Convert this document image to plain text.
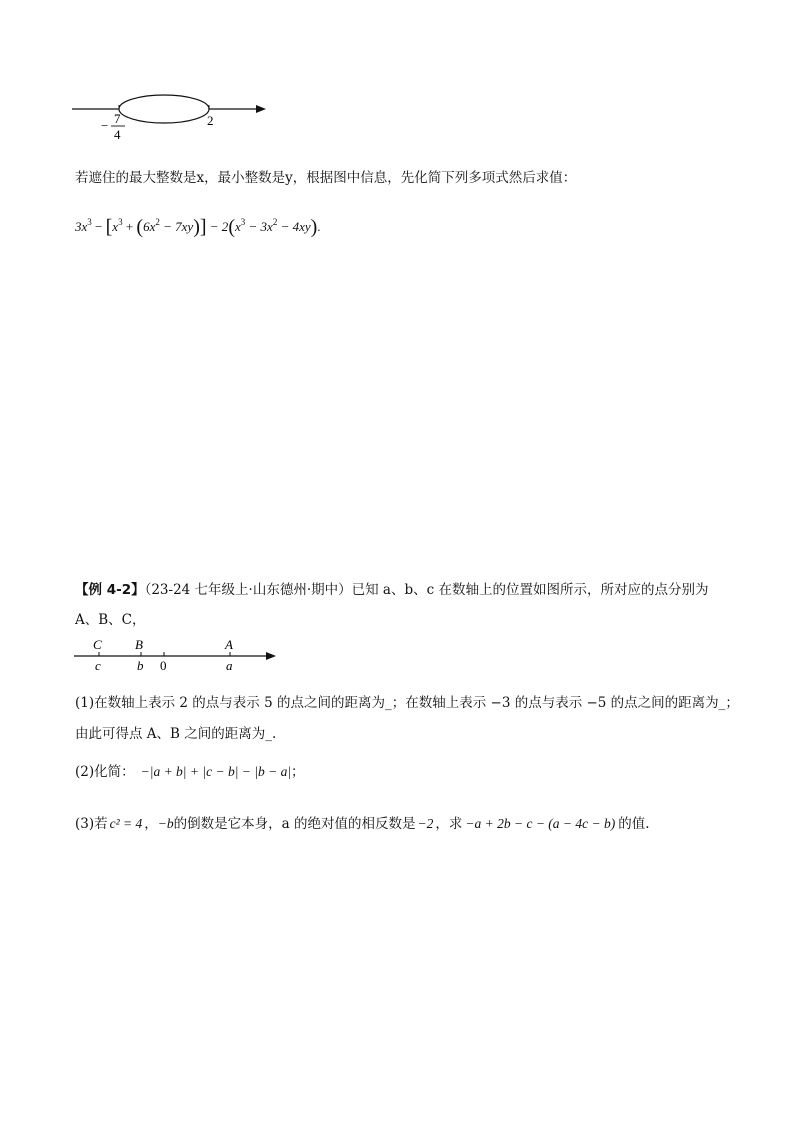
− 7
4
2
若遮住的最大整数是x，最小整数是y，根据图中信息，先化简下列多项式然后求值：
$3x^3 - [x^3 + (6x^2 - 7xy)] - 2(x^3 - 3x^2 - 4xy)$.
【例 4-2】（23-24 七年级上·山东德州·期中）已知 a、b、c 在数轴上的位置如图所示，所对应的点分别为
A、B、C，
C	B	A
c	b 0	a
(1)在数轴上表示 2 的点与表示 5 的点之间的距离为_；在数轴上表示 −3 的点与表示 −5 的点之间的距离为_；
由此可得点 A、B 之间的距离为_.
(2)化简： −|a + b| + |c − b| − |b − a|；
(3)若 c² = 4 ，−b的倒数是它本身，a 的绝对值的相反数是 −2 ，求 −a + 2b − c − (a − 4c − b) 的值.
